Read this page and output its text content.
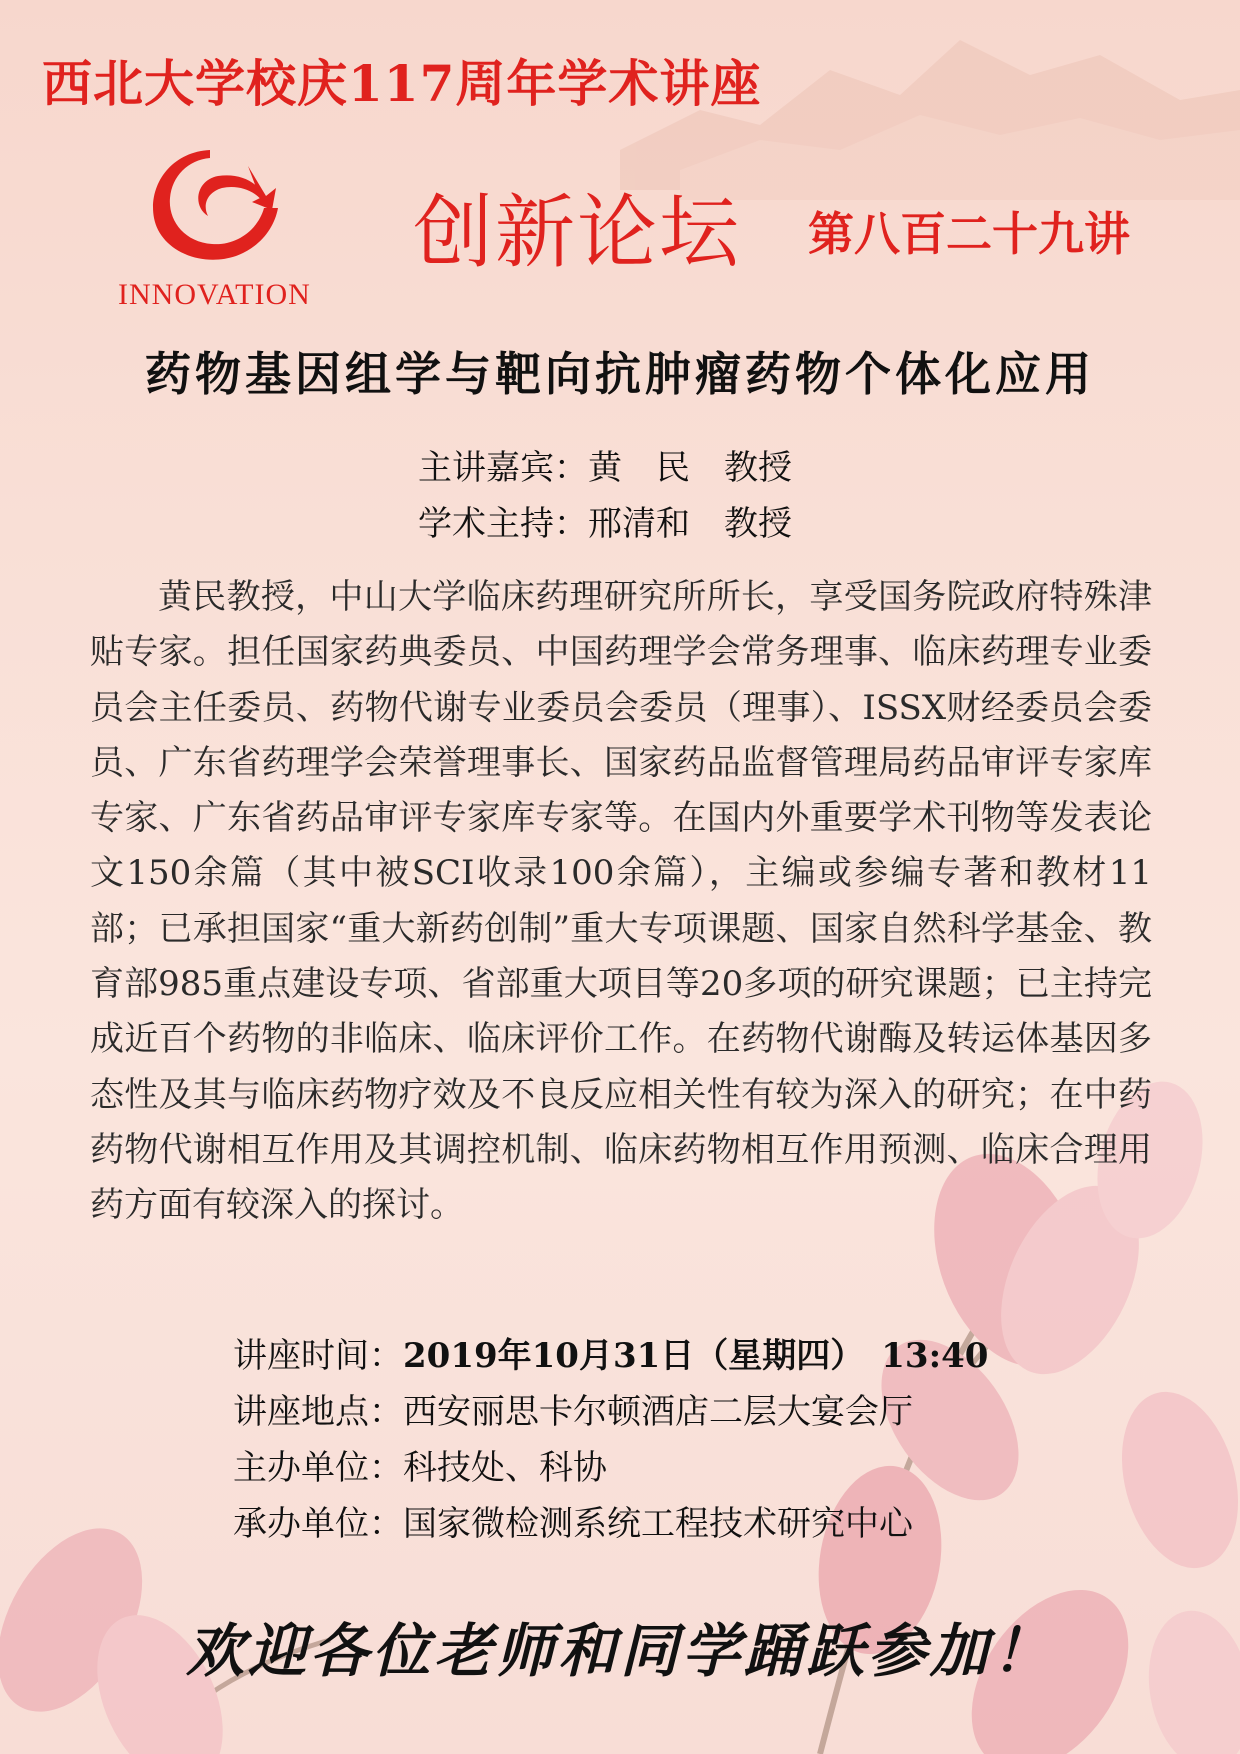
西北大学校庆117周年学术讲座
INNOVATION
创新论坛 第八百二十九讲
药物基因组学与靶向抗肿瘤药物个体化应用
主讲嘉宾：黄　民　教授
学术主持：邢清和　教授

黄民教授，中山大学临床药理研究所所长，享受国务院政府特殊津贴专家。担任国家药典委员、中国药理学会常务理事、临床药理专业委员会主任委员、药物代谢专业委员会委员（理事）、ISSX财经委员会委员、广东省药理学会荣誉理事长、国家药品监督管理局药品审评专家库专家、广东省药品审评专家库专家等。在国内外重要学术刊物等发表论文150余篇（其中被SCI收录100余篇），主编或参编专著和教材11部；已承担国家“重大新药创制”重大专项课题、国家自然科学基金、教育部985重点建设专项、省部重大项目等20多项的研究课题；已主持完成近百个药物的非临床、临床评价工作。在药物代谢酶及转运体基因多态性及其与临床药物疗效及不良反应相关性有较为深入的研究；在中药药物代谢相互作用及其调控机制、临床药物相互作用预测、临床合理用药方面有较深入的探讨。

讲座时间：2019年10月31日（星期四）　13:40
讲座地点：西安丽思卡尔顿酒店二层大宴会厅
主办单位：科技处、科协
承办单位：国家微检测系统工程技术研究中心
欢迎各位老师和同学踊跃参加！
